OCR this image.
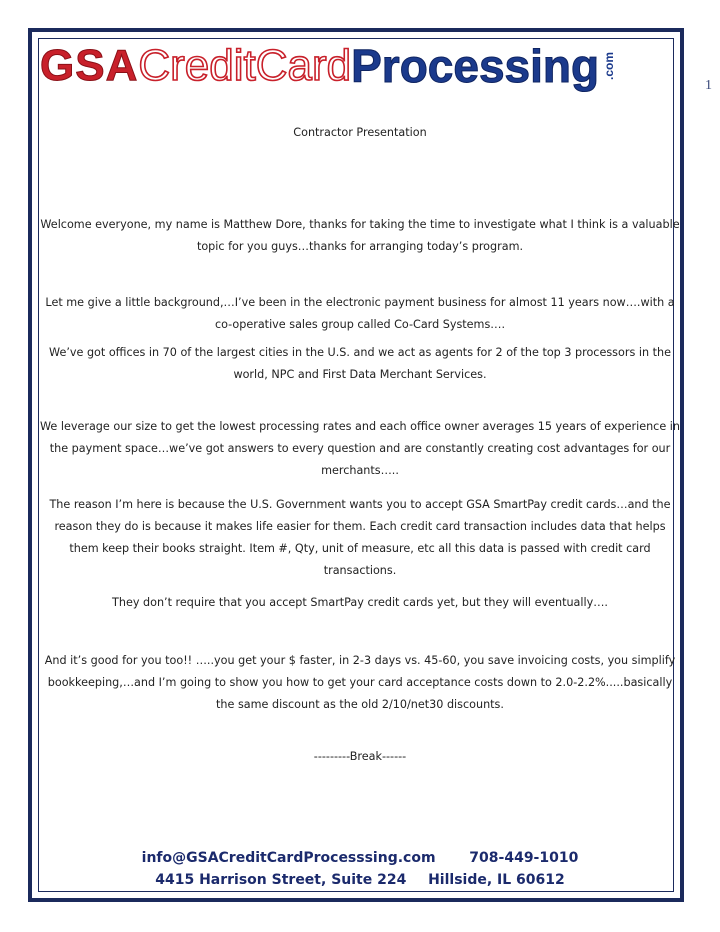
GSA CreditCard Processing .com
1

Contractor Presentation

Welcome everyone, my name is Matthew Dore, thanks for taking the time to investigate what I think is a valuable topic for you guys…thanks for arranging today’s program.

Let me give a little background,…I’ve been in the electronic payment business for almost 11 years now….with a co-operative sales group called Co-Card Systems….

We’ve got offices in 70 of the largest cities in the U.S. and we act as agents for 2 of the top 3 processors in the world, NPC and First Data Merchant Services.

We leverage our size to get the lowest processing rates and each office owner averages 15 years of experience in the payment space…we’ve got answers to every question and are constantly creating cost advantages for our merchants…..

The reason I’m here is because the U.S. Government wants you to accept GSA SmartPay credit cards…and the reason they do is because it makes life easier for them. Each credit card transaction includes data that helps them keep their books straight. Item #, Qty, unit of measure, etc all this data is passed with credit card transactions.

They don’t require that you accept SmartPay credit cards yet, but they will eventually….

And it’s good for you too!! …..you get your $ faster, in 2-3 days vs. 45-60, you save invoicing costs, you simplify bookkeeping,…and I’m going to show you how to get your card acceptance costs down to 2.0-2.2%.....basically the same discount as the old 2/10/net30 discounts.

---------Break------

info@GSACreditCardProcesssing.com 708-449-1010
4415 Harrison Street, Suite 224 Hillside, IL 60612
